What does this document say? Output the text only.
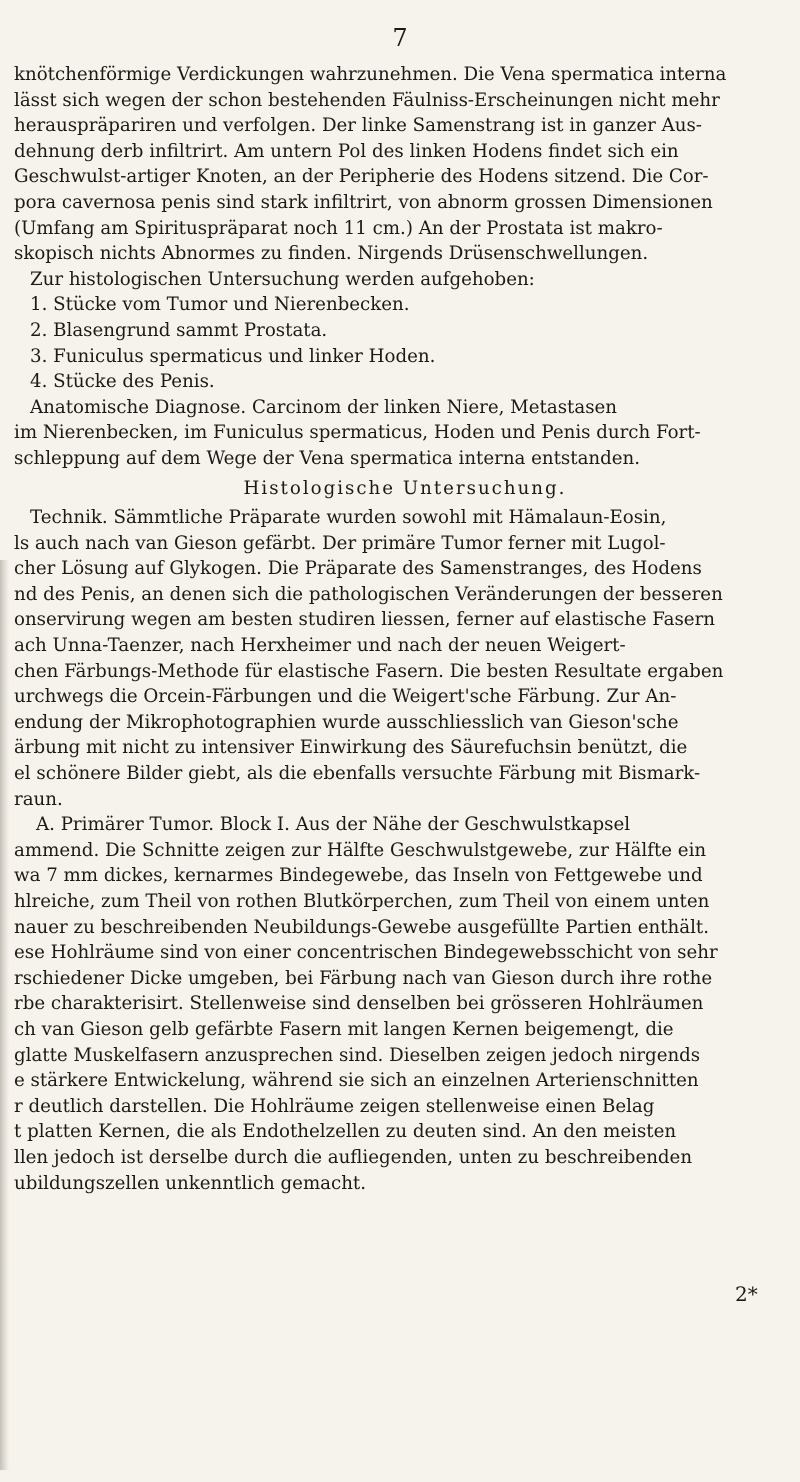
7
knötchenförmige Verdickungen wahrzunehmen. Die Vena spermatica interna
lässt sich wegen der schon bestehenden Fäulniss-Erscheinungen nicht mehr
herauspräpariren und verfolgen. Der linke Samenstrang ist in ganzer Aus-
dehnung derb infiltrirt. Am untern Pol des linken Hodens findet sich ein
Geschwulst-artiger Knoten, an der Peripherie des Hodens sitzend. Die Cor-
pora cavernosa penis sind stark infiltrirt, von abnorm grossen Dimensionen
(Umfang am Spirituspräparat noch 11 cm.) An der Prostata ist makro-
skopisch nichts Abnormes zu finden. Nirgends Drüsenschwellungen.
Zur histologischen Untersuchung werden aufgehoben:
1. Stücke vom Tumor und Nierenbecken.
2. Blasengrund sammt Prostata.
3. Funiculus spermaticus und linker Hoden.
4. Stücke des Penis.
Anatomische Diagnose. Carcinom der linken Niere, Metastasen
im Nierenbecken, im Funiculus spermaticus, Hoden und Penis durch Fort-
schleppung auf dem Wege der Vena spermatica interna entstanden.
Histologische Untersuchung.
Technik. Sämmtliche Präparate wurden sowohl mit Hämalaun-Eosin,
ls auch nach van Gieson gefärbt. Der primäre Tumor ferner mit Lugol-
cher Lösung auf Glykogen. Die Präparate des Samenstranges, des Hodens
nd des Penis, an denen sich die pathologischen Veränderungen der besseren
onservirung wegen am besten studiren liessen, ferner auf elastische Fasern
ach Unna-Taenzer, nach Herxheimer und nach der neuen Weigert-
chen Färbungs-Methode für elastische Fasern. Die besten Resultate ergaben
urchwegs die Orcein-Färbungen und die Weigert'sche Färbung. Zur An-
endung der Mikrophotographien wurde ausschliesslich van Gieson'sche
ärbung mit nicht zu intensiver Einwirkung des Säurefuchsin benützt, die
el schönere Bilder giebt, als die ebenfalls versuchte Färbung mit Bismark-
raun.
A. Primärer Tumor. Block I. Aus der Nähe der Geschwulstkapsel
ammend. Die Schnitte zeigen zur Hälfte Geschwulstgewebe, zur Hälfte ein
wa 7 mm dickes, kernarmes Bindegewebe, das Inseln von Fettgewebe und
hlreiche, zum Theil von rothen Blutkörperchen, zum Theil von einem unten
nauer zu beschreibenden Neubildungs-Gewebe ausgefüllte Partien enthält.
ese Hohlräume sind von einer concentrischen Bindegewebsschicht von sehr
rschiedener Dicke umgeben, bei Färbung nach van Gieson durch ihre rothe
rbe charakterisirt. Stellenweise sind denselben bei grösseren Hohlräumen
ch van Gieson gelb gefärbte Fasern mit langen Kernen beigemengt, die
glatte Muskelfasern anzusprechen sind. Dieselben zeigen jedoch nirgends
e stärkere Entwickelung, während sie sich an einzelnen Arterienschnitten
r deutlich darstellen. Die Hohlräume zeigen stellenweise einen Belag
t platten Kernen, die als Endothelzellen zu deuten sind. An den meisten
llen jedoch ist derselbe durch die aufliegenden, unten zu beschreibenden
ubildungszellen unkenntlich gemacht.
2*
